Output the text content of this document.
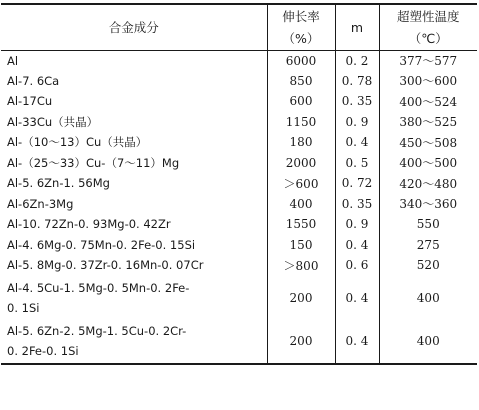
合金成分	伸长率	m	超塑性温度
	（%）		（℃）
Al	6000	0. 2	377～577
Al-7. 6Ca	850	0. 78	300～600
Al-17Cu	600	0. 35	400～524
Al-33Cu（共晶）	1150	0. 9	380～525
Al-（10～13）Cu（共晶）	180	0. 4	450～508
Al-（25～33）Cu-（7～11）Mg	2000	0. 5	400～500
Al-5. 6Zn-1. 56Mg	＞600	0. 72	420～480
Al-6Zn-3Mg	400	0. 35	340～360
Al-10. 72Zn-0. 93Mg-0. 42Zr	1550	0. 9	550
Al-4. 6Mg-0. 75Mn-0. 2Fe-0. 15Si	150	0. 4	275
Al-5. 8Mg-0. 37Zr-0. 16Mn-0. 07Cr	＞800	0. 6	520

Al-4. 5Cu-1. 5Mg-0. 5Mn-0. 2Fe-
0. 1Si	200	0. 4	400

Al-5. 6Zn-2. 5Mg-1. 5Cu-0. 2Cr-
0. 2Fe-0. 1Si	200	0. 4	400
